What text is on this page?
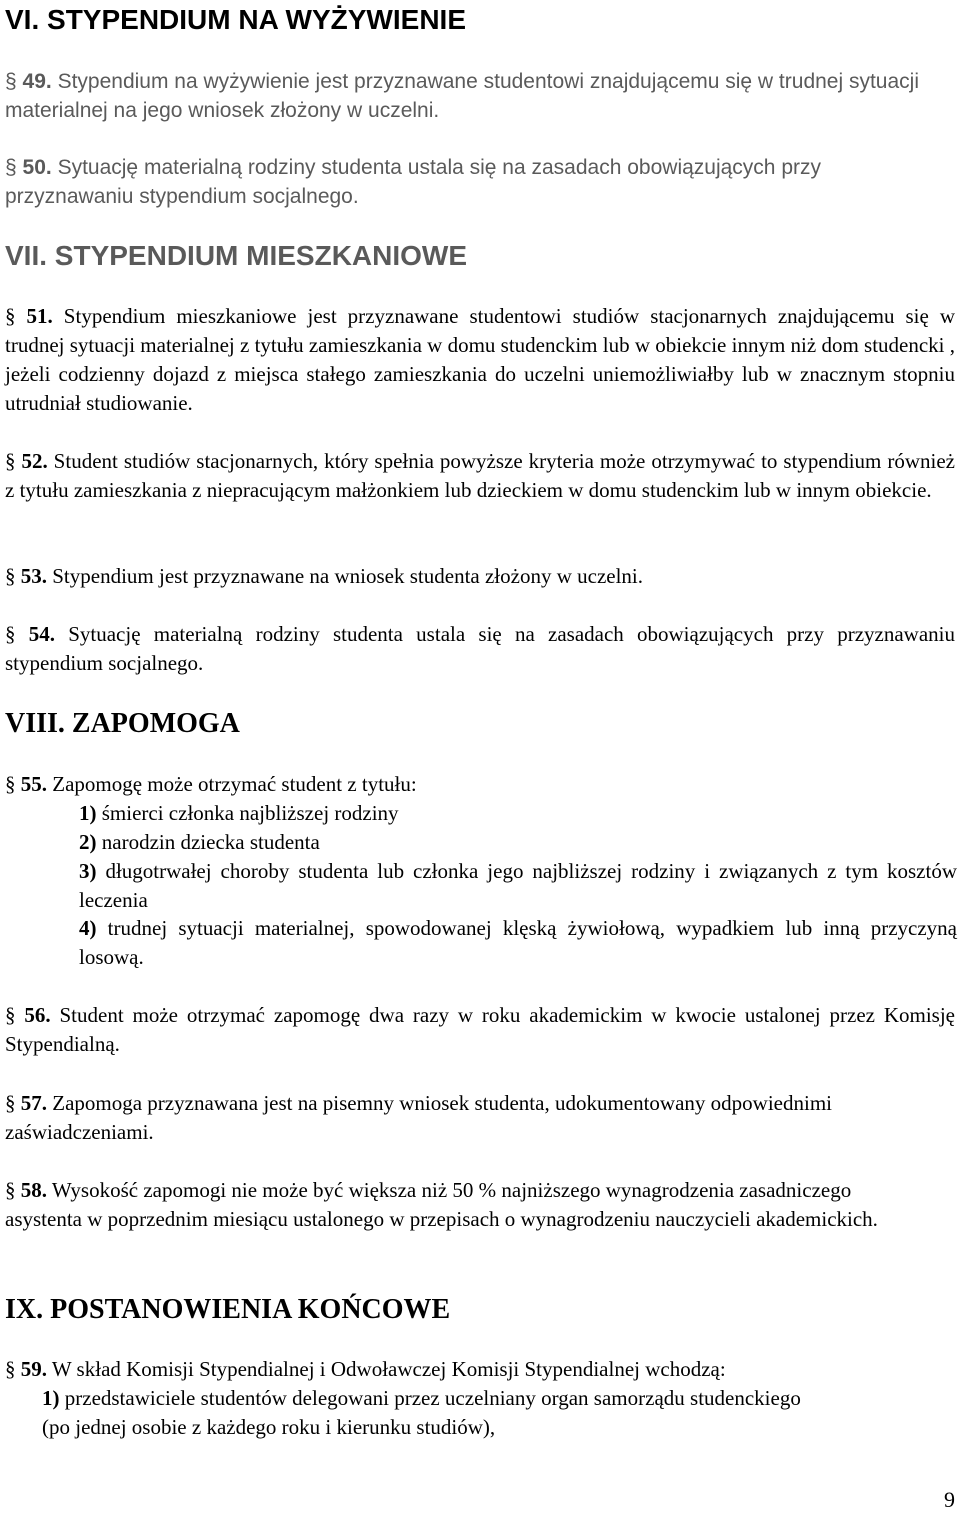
VI. STYPENDIUM NA WYŻYWIENIE
§ 49. Stypendium na wyżywienie jest przyznawane studentowi znajdującemu się w trudnej sytuacji materialnej na jego wniosek złożony w uczelni.
§ 50. Sytuację materialną rodziny studenta ustala się na zasadach obowiązujących przy przyznawaniu stypendium socjalnego.
VII. STYPENDIUM MIESZKANIOWE
§ 51. Stypendium mieszkaniowe jest przyznawane studentowi studiów stacjonarnych znajdującemu się w trudnej sytuacji materialnej z tytułu zamieszkania w domu studenckim lub w obiekcie innym niż dom studencki , jeżeli codzienny dojazd z miejsca stałego zamieszkania do uczelni uniemożliwiałby lub w znacznym stopniu utrudniał studiowanie.
§ 52. Student studiów stacjonarnych, który spełnia powyższe kryteria może otrzymywać to stypendium również z tytułu zamieszkania z niepracującym małżonkiem lub dzieckiem w domu studenckim lub w innym obiekcie.
§ 53. Stypendium jest przyznawane na wniosek studenta złożony w uczelni.
§ 54. Sytuację materialną rodziny studenta ustala się na zasadach obowiązujących przy przyznawaniu stypendium socjalnego.
VIII. ZAPOMOGA
§ 55. Zapomogę może otrzymać student z tytułu:
1) śmierci członka najbliższej rodziny
2) narodzin dziecka studenta
3) długotrwałej choroby studenta lub członka jego najbliższej rodziny i związanych z tym kosztów leczenia
4) trudnej sytuacji materialnej, spowodowanej klęską żywiołową, wypadkiem lub inną przyczyną losową.
§ 56. Student może otrzymać zapomogę dwa razy w roku akademickim w kwocie ustalonej przez Komisję Stypendialną.
§ 57. Zapomoga przyznawana jest na pisemny wniosek studenta, udokumentowany odpowiednimi zaświadczeniami.
§ 58. Wysokość zapomogi nie może być większa niż 50 % najniższego wynagrodzenia zasadniczego asystenta w poprzednim miesiącu ustalonego w przepisach o wynagrodzeniu nauczycieli akademickich.
IX. POSTANOWIENIA KOŃCOWE
§ 59. W skład Komisji Stypendialnej i Odwoławczej Komisji Stypendialnej wchodzą:
1) przedstawiciele studentów delegowani przez uczelniany organ samorządu studenckiego (po jednej osobie z każdego roku i kierunku studiów),
9
